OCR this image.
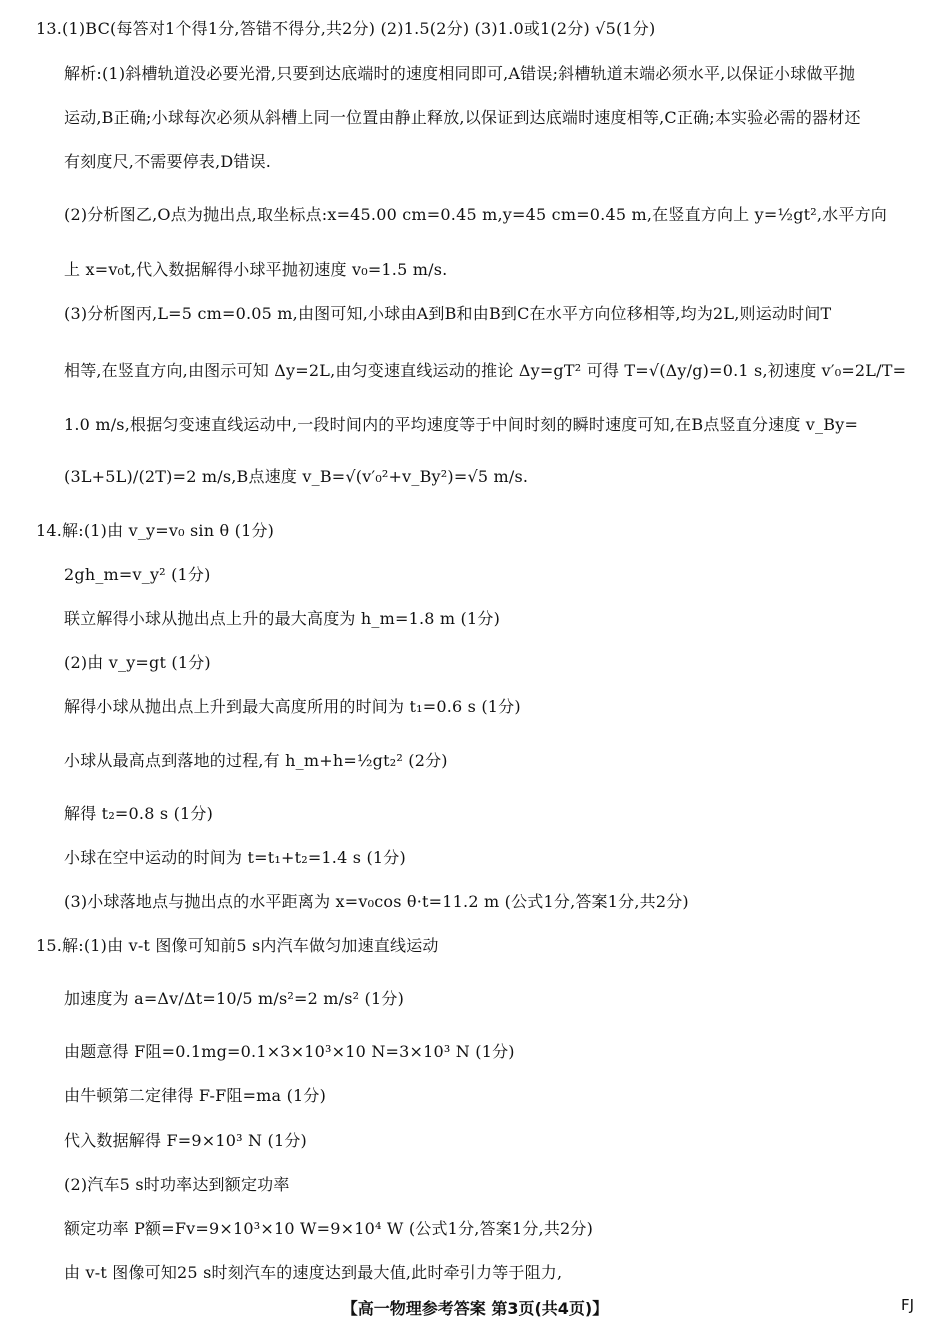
13.(1)BC(每答对1个得1分,答错不得分,共2分) (2)1.5(2分) (3)1.0或1(2分) √5(1分)
解析:(1)斜槽轨道没必要光滑,只要到达底端时的速度相同即可,A错误;斜槽轨道末端必须水平,以保证小球做平抛
运动,B正确;小球每次必须从斜槽上同一位置由静止释放,以保证到达底端时速度相等,C正确;本实验必需的器材还
有刻度尺,不需要停表,D错误.
(2)分析图乙,O点为抛出点,取坐标点:x=45.00 cm=0.45 m,y=45 cm=0.45 m,在竖直方向上 y=½gt²,水平方向
上 x=v₀t,代入数据解得小球平抛初速度 v₀=1.5 m/s.
(3)分析图丙,L=5 cm=0.05 m,由图可知,小球由A到B和由B到C在水平方向位移相等,均为2L,则运动时间T
相等,在竖直方向,由图示可知 Δy=2L,由匀变速直线运动的推论 Δy=gT² 可得 T=√(Δy/g)=0.1 s,初速度 v′₀=2L/T=
1.0 m/s,根据匀变速直线运动中,一段时间内的平均速度等于中间时刻的瞬时速度可知,在B点竖直分速度 v_By=
(3L+5L)/(2T)=2 m/s,B点速度 v_B=√(v′₀²+v_By²)=√5 m/s.
14.解:(1)由 v_y=v₀ sin θ (1分)
2gh_m=v_y² (1分)
联立解得小球从抛出点上升的最大高度为 h_m=1.8 m (1分)
(2)由 v_y=gt (1分)
解得小球从抛出点上升到最大高度所用的时间为 t₁=0.6 s (1分)
小球从最高点到落地的过程,有 h_m+h=½gt₂² (2分)
解得 t₂=0.8 s (1分)
小球在空中运动的时间为 t=t₁+t₂=1.4 s (1分)
(3)小球落地点与抛出点的水平距离为 x=v₀cos θ·t=11.2 m (公式1分,答案1分,共2分)
15.解:(1)由 v-t 图像可知前5 s内汽车做匀加速直线运动
加速度为 a=Δv/Δt=10/5 m/s²=2 m/s² (1分)
由题意得 F阻=0.1mg=0.1×3×10³×10 N=3×10³ N (1分)
由牛顿第二定律得 F-F阻=ma (1分)
代入数据解得 F=9×10³ N (1分)
(2)汽车5 s时功率达到额定功率
额定功率 P额=Fv=9×10³×10 W=9×10⁴ W (公式1分,答案1分,共2分)
由 v-t 图像可知25 s时刻汽车的速度达到最大值,此时牵引力等于阻力,
【高一物理参考答案 第3页(共4页)】	FJ
